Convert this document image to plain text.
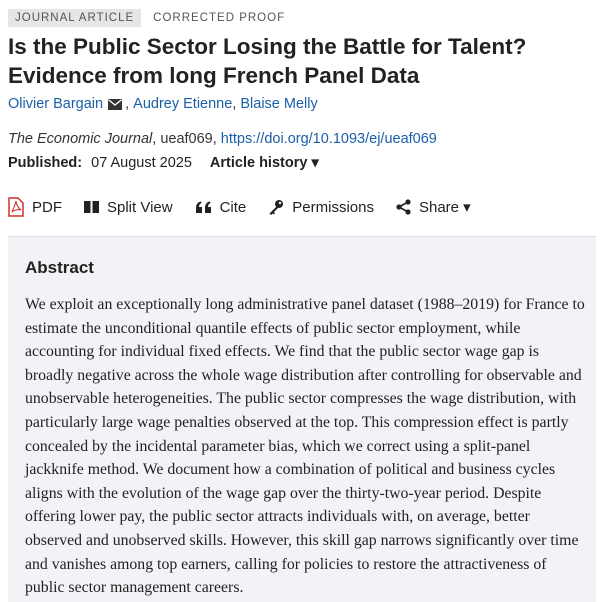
JOURNAL ARTICLE	CORRECTED PROOF
Is the Public Sector Losing the Battle for Talent? Evidence from long French Panel Data
Olivier Bargain ,
Audrey Etienne ,
Blaise Melly
The Economic Journal, ueaf069, https://doi.org/10.1093/ej/ueaf069
Published: 07 August 2025 Article history ▾
PDF	Split View	Cite	Permissions	Share ▾
Abstract

We exploit an exceptionally long administrative panel dataset (1988–2019) for France to estimate the unconditional quantile effects of public sector employment, while accounting for individual fixed effects. We find that the public sector wage gap is broadly negative across the whole wage distribution after controlling for observable and unobservable heterogeneities. The public sector compresses the wage distribution, with particularly large wage penalties observed at the top. This compression effect is partly concealed by the incidental parameter bias, which we correct using a split-panel jackknife method. We document how a combination of political and business cycles aligns with the evolution of the wage gap over the thirty-two-year period. Despite offering lower pay, the public sector attracts individuals with, on average, better observed and unobserved skills. However, this skill gap narrows significantly over time and vanishes among top earners, calling for policies to restore the attractiveness of public sector management careers.
